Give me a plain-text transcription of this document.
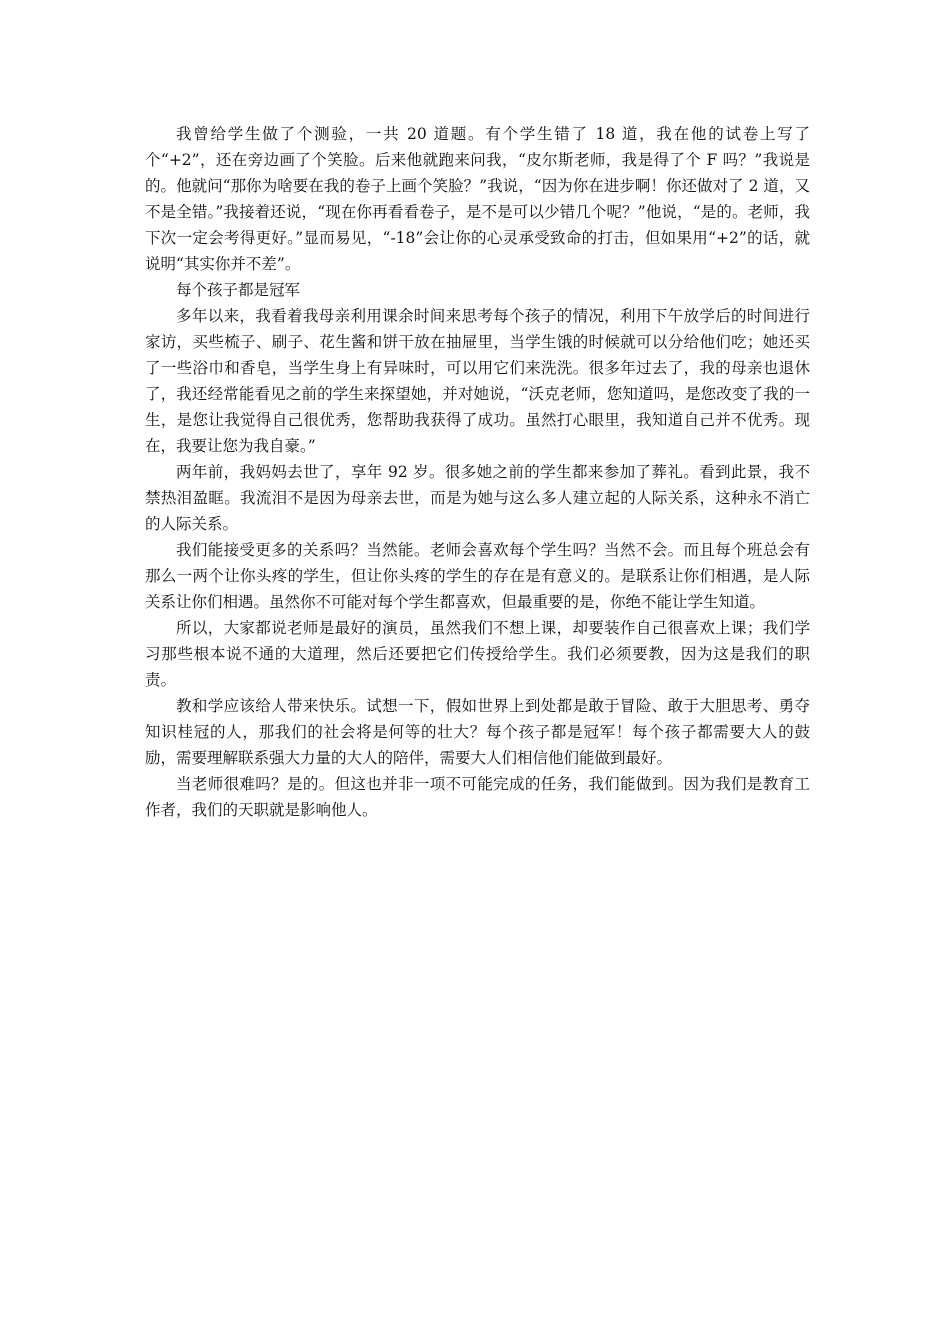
我曾给学生做了个测验，一共 20 道题。有个学生错了 18 道，我在他的试卷上写了个“+2”，还在旁边画了个笑脸。后来他就跑来问我，“皮尔斯老师，我是得了个 F 吗？”我说是的。他就问“那你为啥要在我的卷子上画个笑脸？”我说，“因为你在进步啊！你还做对了 2 道，又不是全错。”我接着还说，“现在你再看看卷子，是不是可以少错几个呢？”他说，“是的。老师，我下次一定会考得更好。”显而易见，“-18”会让你的心灵承受致命的打击，但如果用“+2”的话，就说明“其实你并不差”。

每个孩子都是冠军

多年以来，我看着我母亲利用课余时间来思考每个孩子的情况，利用下午放学后的时间进行家访，买些梳子、刷子、花生酱和饼干放在抽屉里，当学生饿的时候就可以分给他们吃；她还买了一些浴巾和香皂，当学生身上有异味时，可以用它们来洗洗。很多年过去了，我的母亲也退休了，我还经常能看见之前的学生来探望她，并对她说，“沃克老师，您知道吗，是您改变了我的一生，是您让我觉得自己很优秀，您帮助我获得了成功。虽然打心眼里，我知道自己并不优秀。现在，我要让您为我自豪。”

两年前，我妈妈去世了，享年 92 岁。很多她之前的学生都来参加了葬礼。看到此景，我不禁热泪盈眶。我流泪不是因为母亲去世，而是为她与这么多人建立起的人际关系，这种永不消亡的人际关系。

我们能接受更多的关系吗？当然能。老师会喜欢每个学生吗？当然不会。而且每个班总会有那么一两个让你头疼的学生，但让你头疼的学生的存在是有意义的。是联系让你们相遇，是人际关系让你们相遇。虽然你不可能对每个学生都喜欢，但最重要的是，你绝不能让学生知道。

所以，大家都说老师是最好的演员，虽然我们不想上课，却要装作自己很喜欢上课；我们学习那些根本说不通的大道理，然后还要把它们传授给学生。我们必须要教，因为这是我们的职责。

教和学应该给人带来快乐。试想一下，假如世界上到处都是敢于冒险、敢于大胆思考、勇夺知识桂冠的人，那我们的社会将是何等的壮大？每个孩子都是冠军！每个孩子都需要大人的鼓励，需要理解联系强大力量的大人的陪伴，需要大人们相信他们能做到最好。

当老师很难吗？是的。但这也并非一项不可能完成的任务，我们能做到。因为我们是教育工作者，我们的天职就是影响他人。
